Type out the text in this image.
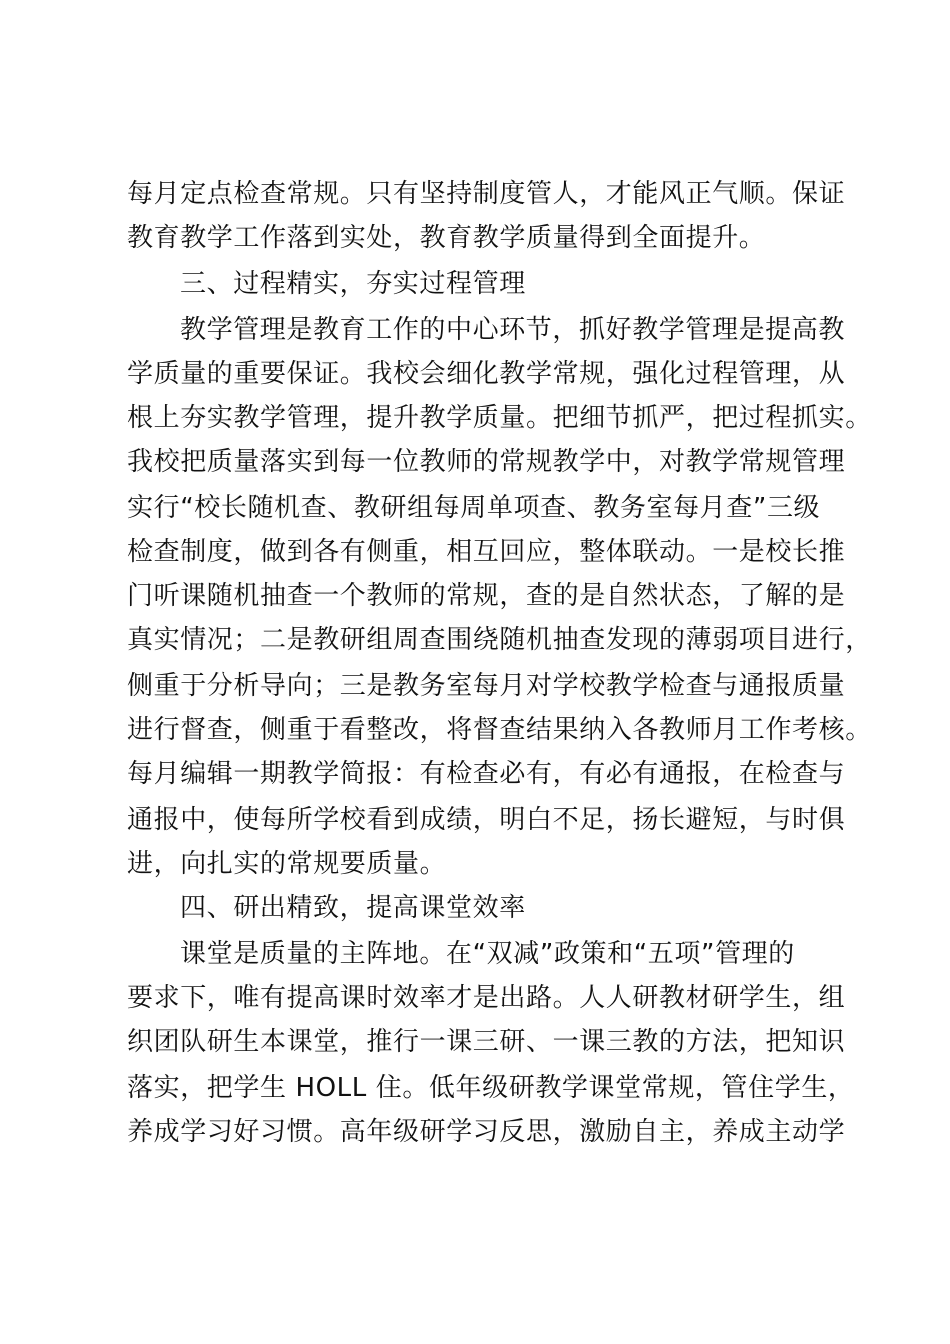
每月定点检查常规。只有坚持制度管人，才能风正气顺。保证
教育教学工作落到实处，教育教学质量得到全面提升。
三、过程精实，夯实过程管理
教学管理是教育工作的中心环节，抓好教学管理是提高教
学质量的重要保证。我校会细化教学常规，强化过程管理，从
根上夯实教学管理，提升教学质量。把细节抓严，把过程抓实。
我校把质量落实到每一位教师的常规教学中，对教学常规管理
实行“校长随机查、教研组每周单项查、教务室每月查”三级
检查制度，做到各有侧重，相互回应，整体联动。一是校长推
门听课随机抽查一个教师的常规，查的是自然状态，了解的是
真实情况；二是教研组周查围绕随机抽查发现的薄弱项目进行，
侧重于分析导向；三是教务室每月对学校教学检查与通报质量
进行督查，侧重于看整改，将督查结果纳入各教师月工作考核。
每月编辑一期教学简报：有检查必有，有必有通报，在检查与
通报中，使每所学校看到成绩，明白不足，扬长避短，与时俱
进，向扎实的常规要质量。
四、研出精致，提高课堂效率
课堂是质量的主阵地。在“双减”政策和“五项”管理的
要求下，唯有提高课时效率才是出路。人人研教材研学生，组
织团队研生本课堂，推行一课三研、一课三教的方法，把知识
落实，把学生 HOLL 住。低年级研教学课堂常规，管住学生，
养成学习好习惯。高年级研学习反思，激励自主，养成主动学
